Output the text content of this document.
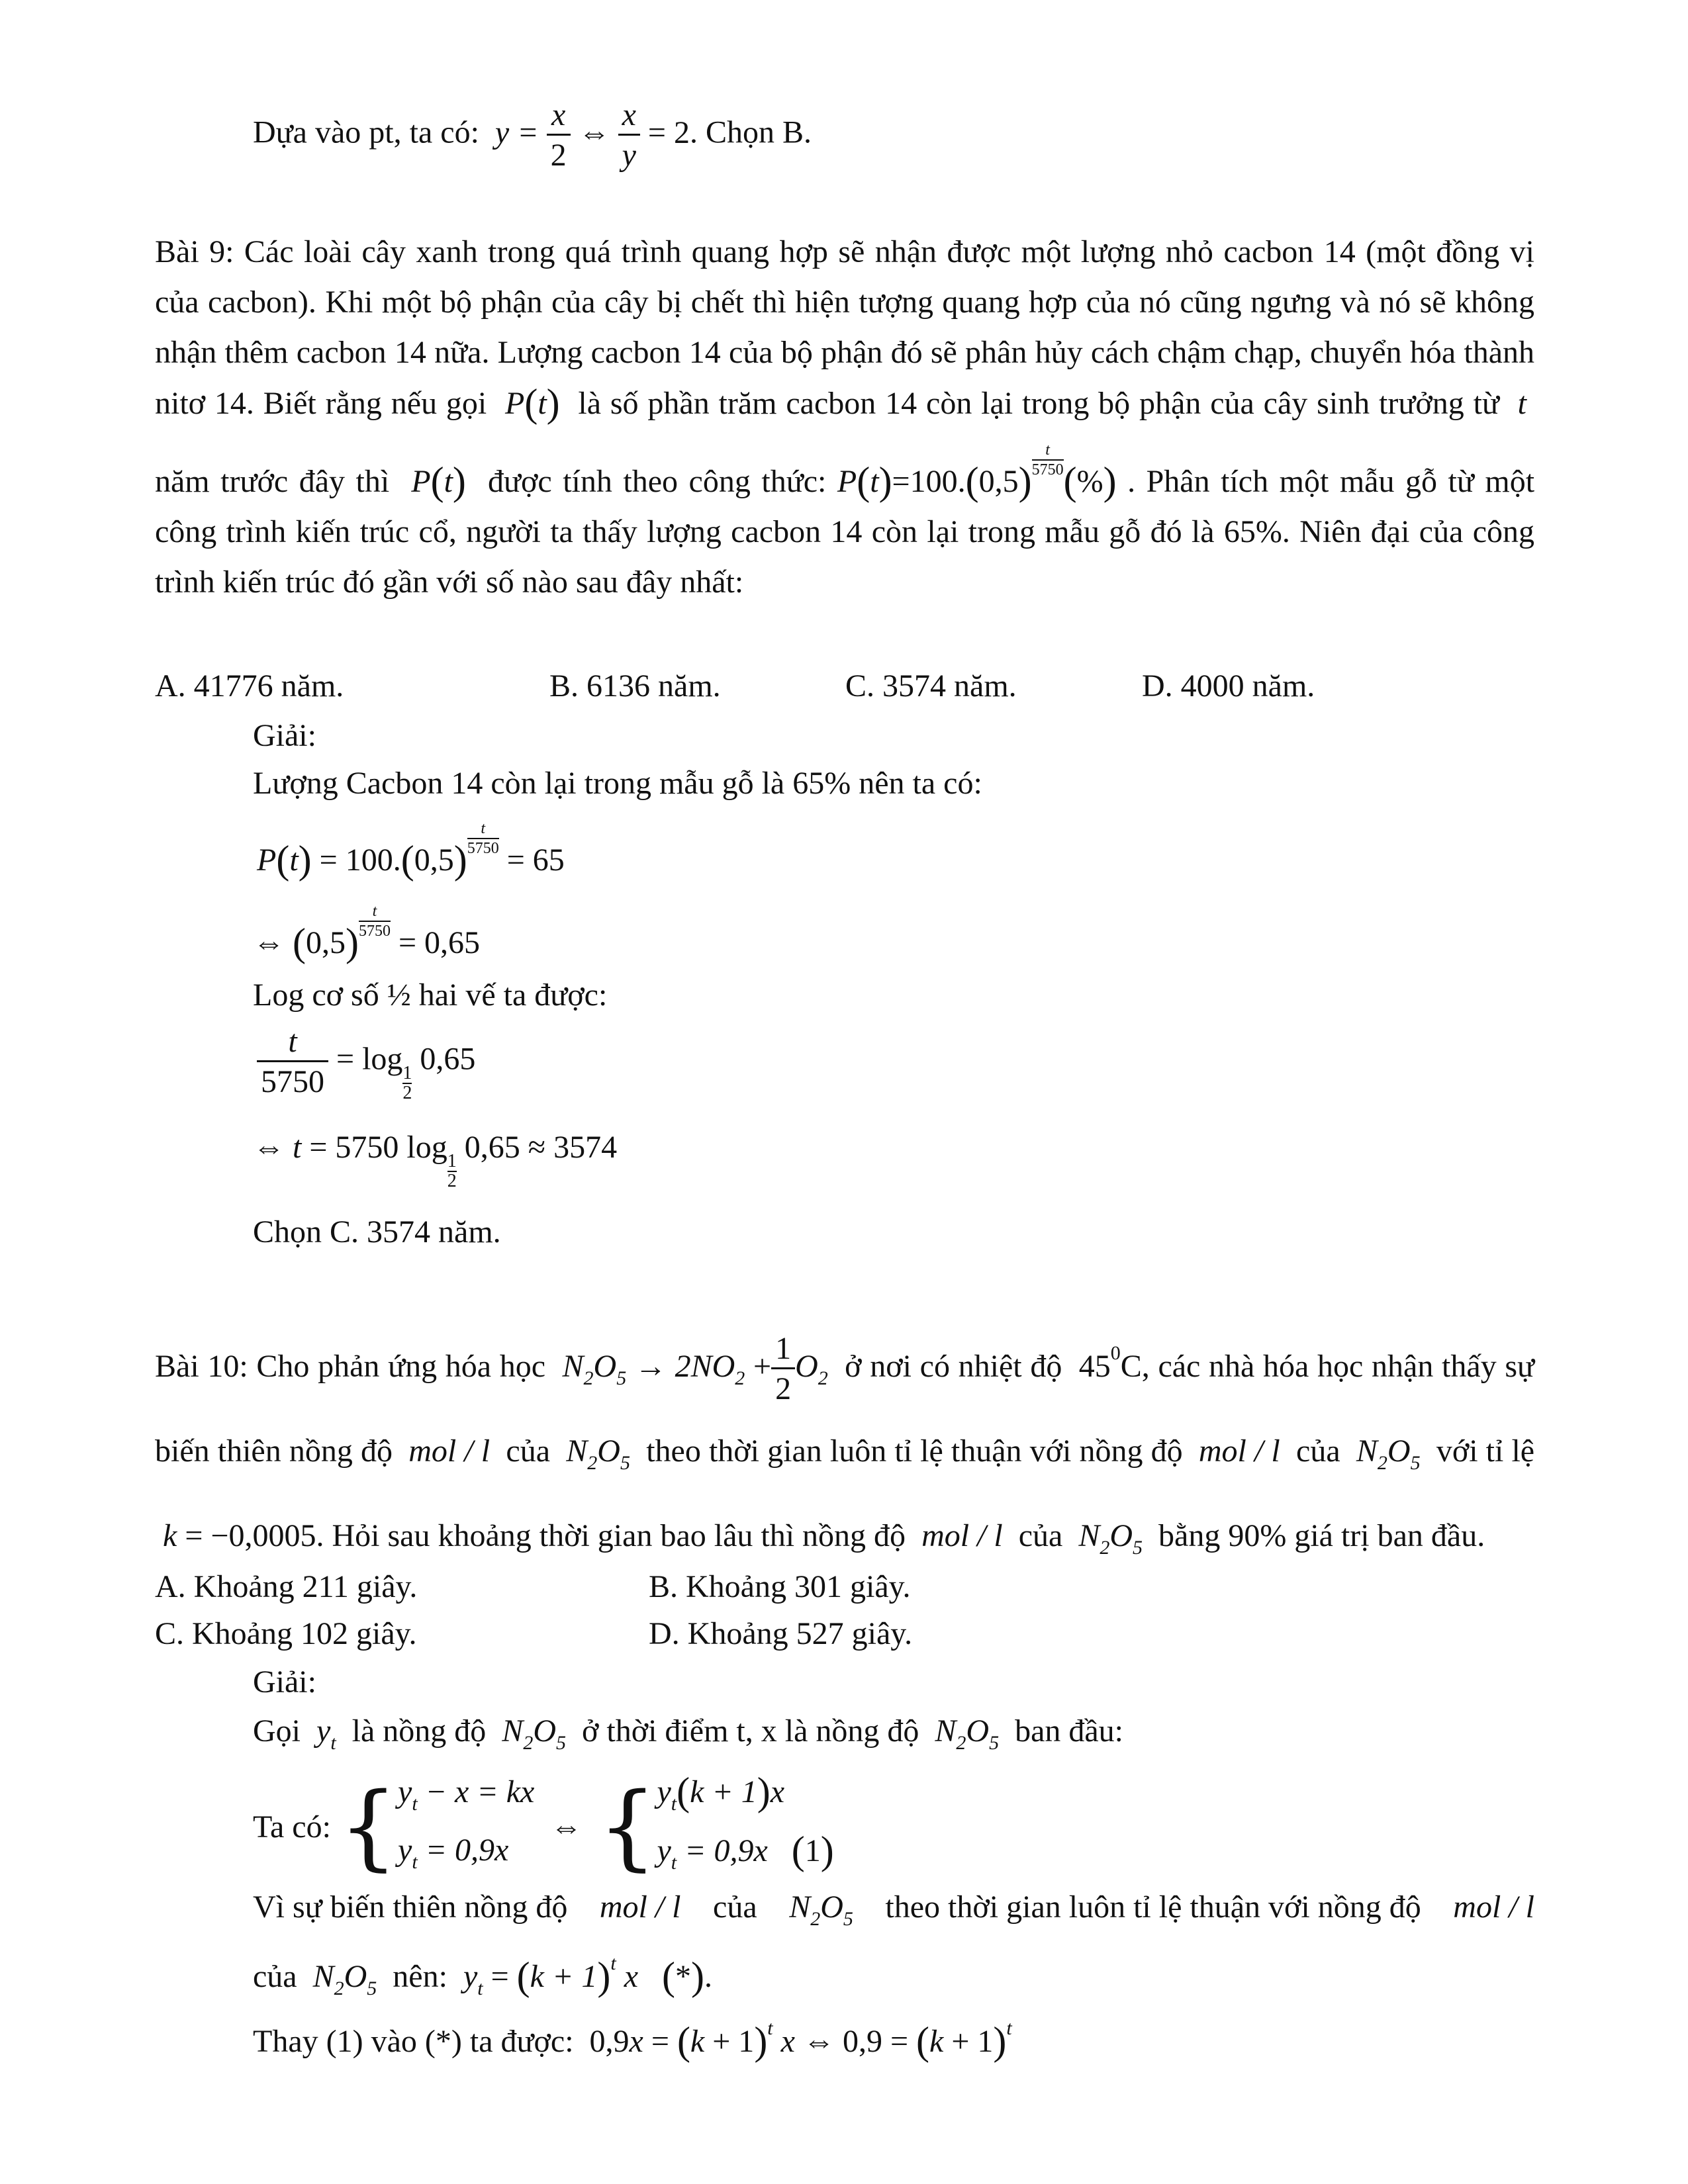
Dựa vào pt, ta có:  $y = \frac{x}{2}$ ⇔ $\frac{x}{y} = 2$. Chọn B.
Bài 9: Các loài cây xanh trong quá trình quang hợp sẽ nhận được một lượng nhỏ cacbon 14 (một đồng vị của cacbon). Khi một bộ phận của cây bị chết thì hiện tượng quang hợp của nó cũng ngưng và nó sẽ không nhận thêm cacbon 14 nữa. Lượng cacbon 14 của bộ phận đó sẽ phân hủy cách chậm chạp, chuyển hóa thành nitơ 14. Biết rằng nếu gọi  P(t) là số phần trăm cacbon 14 còn lại trong bộ phận của cây sinh trưởng từ  t  năm trước đây thì  P(t) được tính theo công thức: $P(t)=100.(0,5) \frac{t}{5750}$ (%) . Phân tích một mẫu gỗ từ một công trình kiến trúc cổ, người ta thấy lượng cacbon 14 còn lại trong mẫu gỗ đó là 65%. Niên đại của công trình kiến trúc đó gần với số nào sau đây nhất:
A. 41776 năm.	B. 6136 năm.	C. 3574 năm.	D. 4000 năm.
Giải:
Lượng Cacbon 14 còn lại trong mẫu gỗ là 65% nên ta có:
$P(t) = 100.(0,5) \frac{t}{5750}$
= 65
⇔ $(0,5) \frac{t}{5750}$
= 0,65
Log cơ số ½ hai vế ta được:
$\frac{t}{5750} = \log$
$\frac{1}{2}$
0,65
⇔ t = 5750 log
$\frac{1}{2}$
0,65 ≈ 3574
Chọn C. 3574 năm.
Bài 10: Cho phản ứng hóa học  $N_2O_5 \to 2NO_2 + \frac{1}{2} O_2$ ở nơi có nhiệt độ  $45^0C$, các nhà hóa học nhận thấy sự biến thiên nồng độ  mol / l  của  $N_2O_5$ theo thời gian luôn tỉ lệ thuận với nồng độ  mol / l  của  $N_2O_5$ với tỉ lệ  k = −0,0005. Hỏi sau khoảng thời gian bao lâu thì nồng độ  mol / l  của  $N_2O_5$ bằng 90% giá trị ban đầu.
A. Khoảng 211 giây.	B. Khoảng 301 giây.
C. Khoảng 102 giây.	D. Khoảng 527 giây.
Giải:
Gọi  $y_t$ là nồng độ  $N_2O_5$ ở thời điểm t, x là nồng độ  $N_2O_5$ ban đầu:
Ta có: { $y_t - x$ = kx
$y_t = 0,9x$
⇔  { $y_t(k + 1)x$
$y_t = 0,9x$   (1)
Vì sự biến thiên nồng độ mol / l của $N_2O_5$ theo thời gian luôn tỉ lệ thuận với nồng độ mol / l
của  $N_2O_5$ nên:  $y_t = (k + 1)^t$ x (*).
Thay (1) vào (*) ta được:  $0,9x = (k + 1)^t$ x ⇔ $0,9 = (k + 1)^t$
